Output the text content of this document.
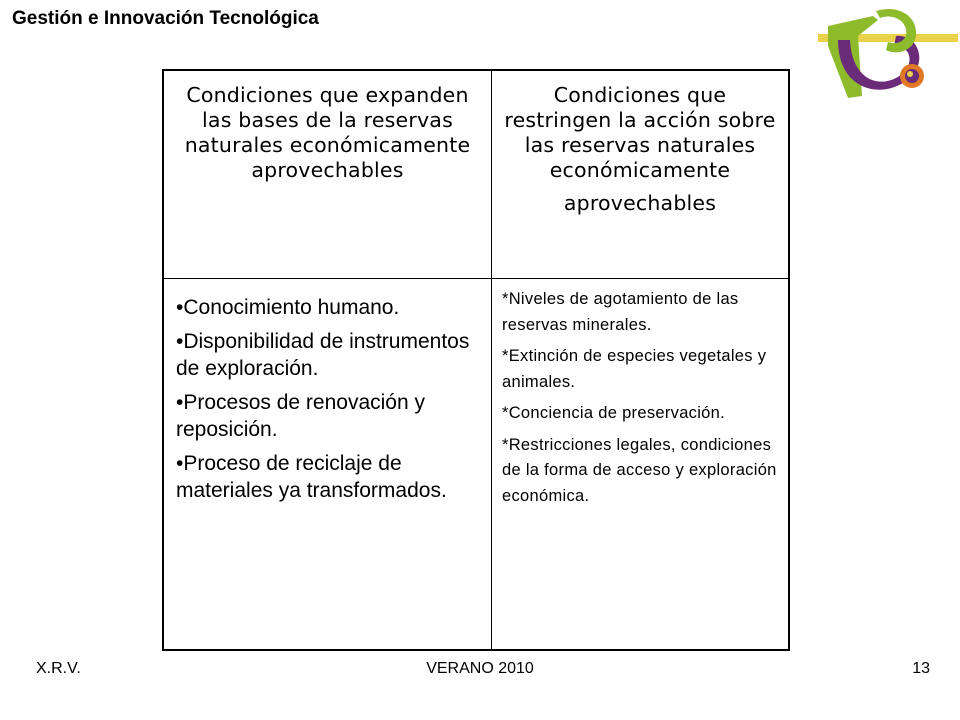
Gestión e Innovación Tecnológica
Condiciones que expanden las bases de la reservas naturales económicamente aprovechables
Condiciones que restringen la acción sobre las reservas naturales económicamente
aprovechables
•Conocimiento humano.
•Disponibilidad de instrumentos de exploración.
•Procesos de renovación y reposición.
•Proceso de reciclaje de materiales ya transformados.
*Niveles de agotamiento de las reservas minerales.
*Extinción de especies vegetales y animales.
*Conciencia de preservación.
*Restricciones legales, condiciones de la forma de acceso y exploración económica.
X.R.V.	VERANO 2010	13
